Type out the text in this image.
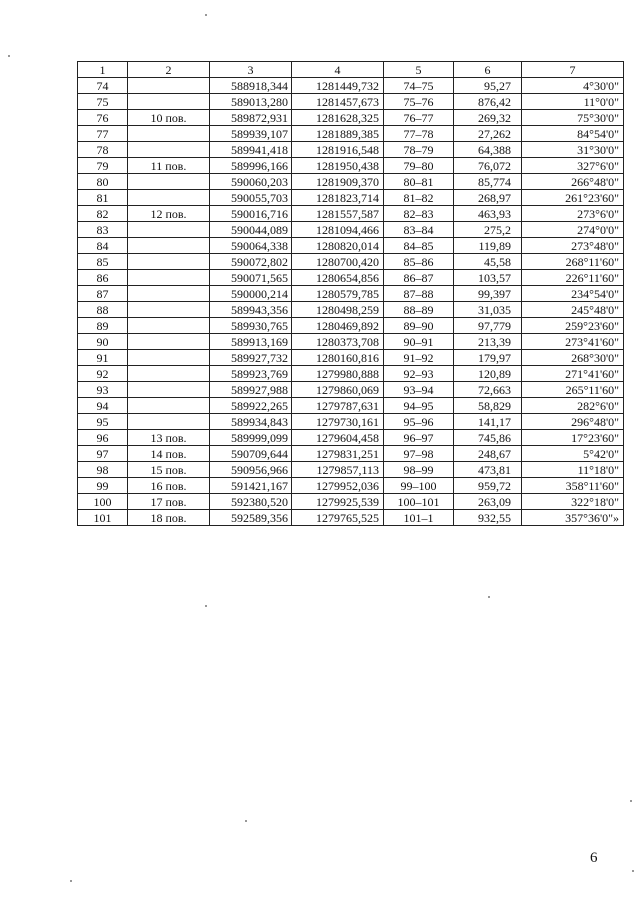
1	2	3	4	5	6	7
74		588918,344	1281449,732	74–75	95,27	4°30'0"
75		589013,280	1281457,673	75–76	876,42	11°0'0"
76	10 пов.	589872,931	1281628,325	76–77	269,32	75°30'0"
77		589939,107	1281889,385	77–78	27,262	84°54'0"
78		589941,418	1281916,548	78–79	64,388	31°30'0"
79	11 пов.	589996,166	1281950,438	79–80	76,072	327°6'0"
80		590060,203	1281909,370	80–81	85,774	266°48'0"
81		590055,703	1281823,714	81–82	268,97	261°23'60"
82	12 пов.	590016,716	1281557,587	82–83	463,93	273°6'0"
83		590044,089	1281094,466	83–84	275,2	274°0'0"
84		590064,338	1280820,014	84–85	119,89	273°48'0"
85		590072,802	1280700,420	85–86	45,58	268°11'60"
86		590071,565	1280654,856	86–87	103,57	226°11'60"
87		590000,214	1280579,785	87–88	99,397	234°54'0"
88		589943,356	1280498,259	88–89	31,035	245°48'0"
89		589930,765	1280469,892	89–90	97,779	259°23'60"
90		589913,169	1280373,708	90–91	213,39	273°41'60"
91		589927,732	1280160,816	91–92	179,97	268°30'0"
92		589923,769	1279980,888	92–93	120,89	271°41'60"
93		589927,988	1279860,069	93–94	72,663	265°11'60"
94		589922,265	1279787,631	94–95	58,829	282°6'0"
95		589934,843	1279730,161	95–96	141,17	296°48'0"
96	13 пов.	589999,099	1279604,458	96–97	745,86	17°23'60"
97	14 пов.	590709,644	1279831,251	97–98	248,67	5°42'0"
98	15 пов.	590956,966	1279857,113	98–99	473,81	11°18'0"
99	16 пов.	591421,167	1279952,036	99–100	959,72	358°11'60"
100	17 пов.	592380,520	1279925,539	100–101	263,09	322°18'0"
101	18 пов.	592589,356	1279765,525	101–1	932,55	357°36'0"»
6
